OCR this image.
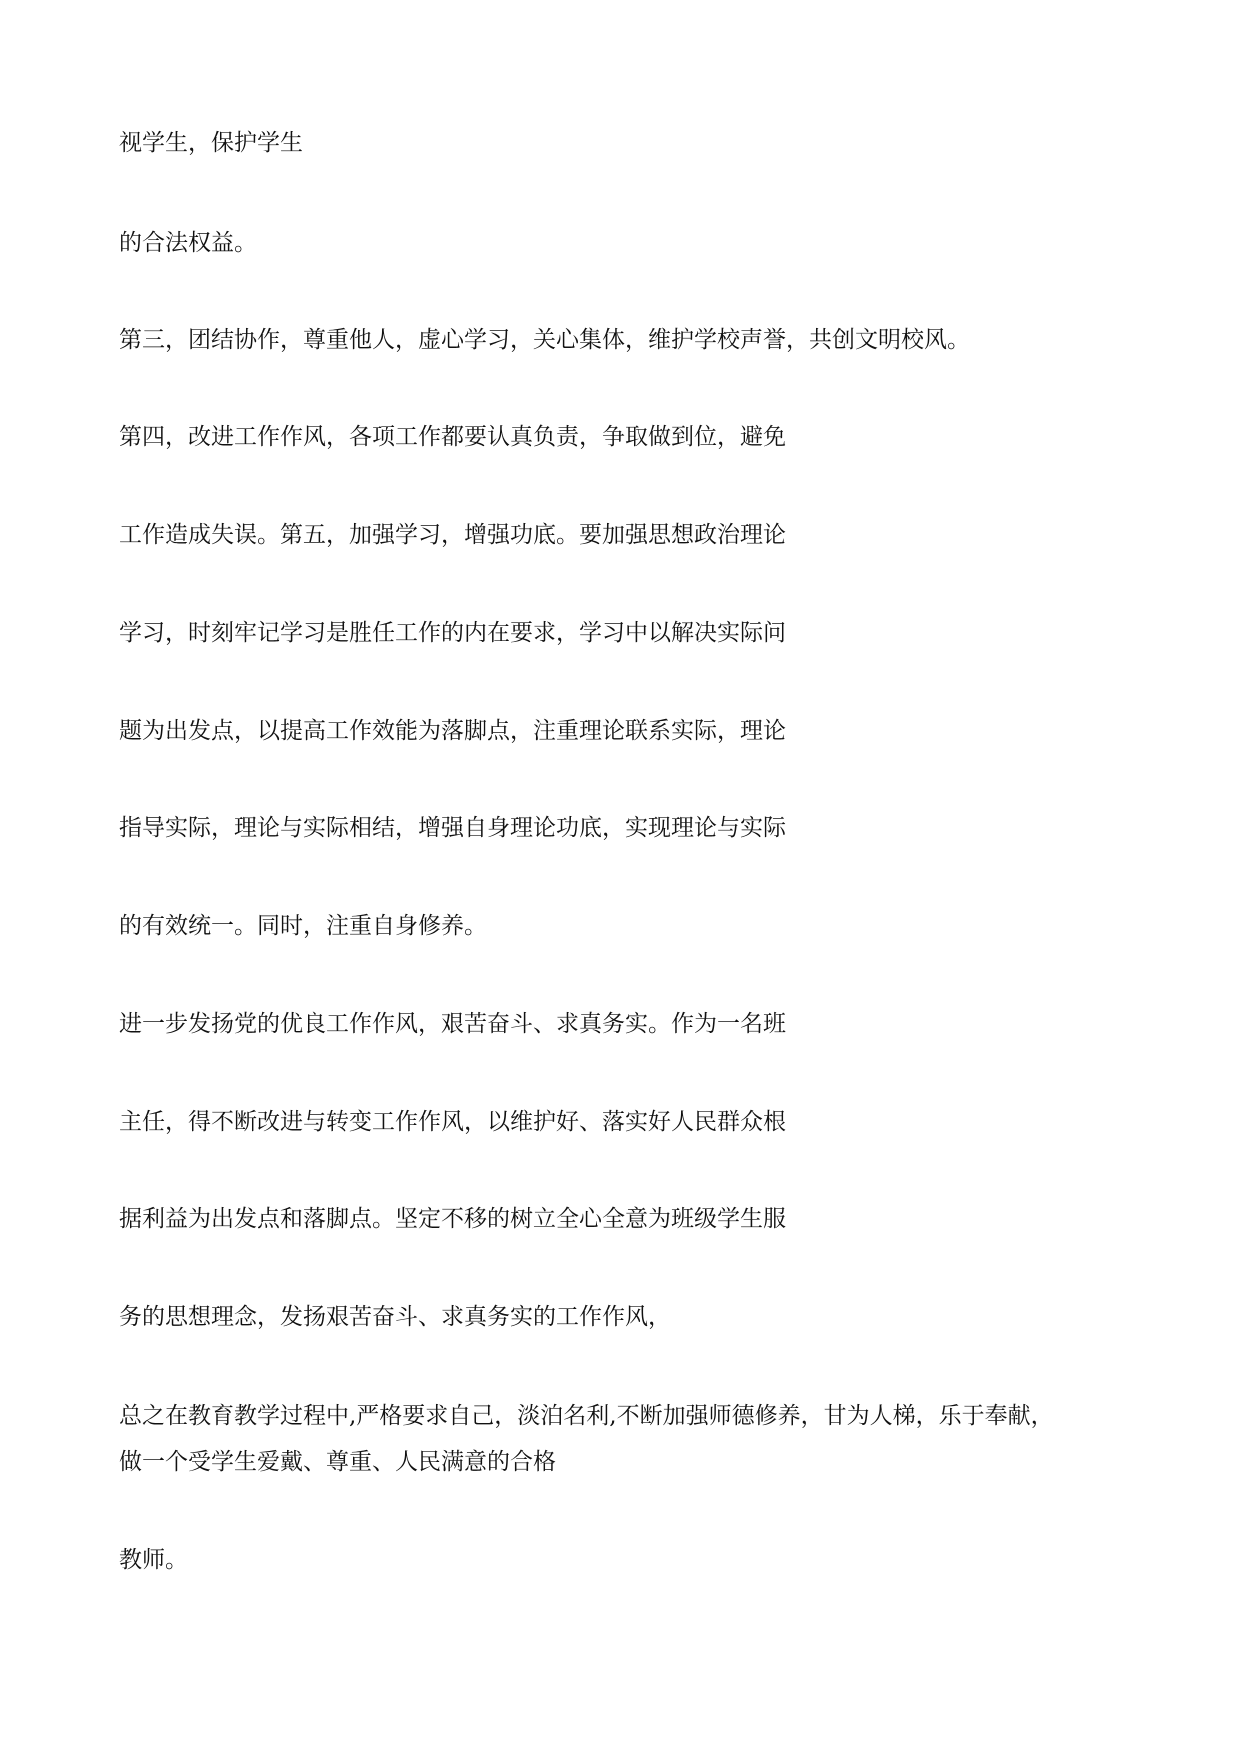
视学生，保护学生

的合法权益。

第三，团结协作，尊重他人，虚心学习，关心集体，维护学校声誉，共创文明校风。

第四，改进工作作风，各项工作都要认真负责，争取做到位，避免

工作造成失误。第五，加强学习，增强功底。要加强思想政治理论

学习，时刻牢记学习是胜任工作的内在要求，学习中以解决实际问

题为出发点，以提高工作效能为落脚点，注重理论联系实际，理论

指导实际，理论与实际相结，增强自身理论功底，实现理论与实际

的有效统一。同时，注重自身修养。

进一步发扬党的优良工作作风，艰苦奋斗、求真务实。作为一名班

主任，得不断改进与转变工作作风，以维护好、落实好人民群众根

据利益为出发点和落脚点。坚定不移的树立全心全意为班级学生服

务的思想理念，发扬艰苦奋斗、求真务实的工作作风，

总之在教育教学过程中,严格要求自己，淡泊名利,不断加强师德修养，甘为人梯，乐于奉献，

做一个受学生爱戴、尊重、人民满意的合格

教师。
